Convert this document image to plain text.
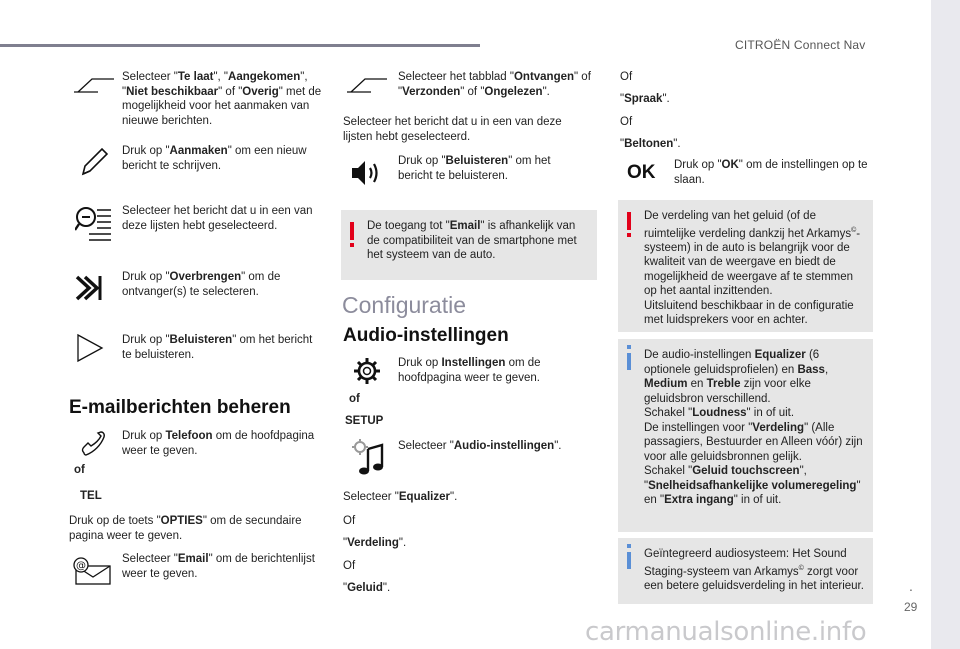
CITROËN Connect Nav
.
29
carmanualsonline.info
Selecteer "Te laat", "Aangekomen", "Niet beschikbaar" of "Overig" met de mogelijkheid voor het aanmaken van nieuwe berichten.
Druk op "Aanmaken" om een nieuw bericht te schrijven.
Selecteer het bericht dat u in een van deze lijsten hebt geselecteerd.
Druk op "Overbrengen" om de ontvanger(s) te selecteren.
Druk op "Beluisteren" om het bericht te beluisteren.
E-mailberichten beheren
of
TEL
Druk op Telefoon om de hoofdpagina weer te geven.
Druk op de toets "OPTIES" om de secundaire pagina weer te geven.
@
Selecteer "Email" om de berichtenlijst weer te geven.
Selecteer het tabblad "Ontvangen" of "Verzonden" of "Ongelezen".
Selecteer het bericht dat u in een van deze lijsten hebt geselecteerd.
Druk op "Beluisteren" om het bericht te beluisteren.
De toegang tot "Email" is afhankelijk van de compatibiliteit van de smartphone met het systeem van de auto.
Configuratie
Audio-instellingen
of
SETUP
Druk op Instellingen om de hoofdpagina weer te geven.
Selecteer "Audio-instellingen".
Selecteer "Equalizer".
Of
"Verdeling".
Of
"Geluid".
Of
"Spraak".
Of
"Beltonen".
OK Druk op "OK" om de instellingen op te slaan.
De verdeling van het geluid (of de ruimtelijke verdeling dankzij het Arkamys©-systeem) in de auto is belangrijk voor de kwaliteit van de weergave en biedt de mogelijkheid de weergave af te stemmen op het aantal inzittenden.
Uitsluitend beschikbaar in de configuratie met luidsprekers voor en achter.
De audio-instellingen Equalizer (6 optionele geluidsprofielen) en Bass, Medium en Treble zijn voor elke geluidsbron verschillend.
Schakel "Loudness" in of uit.
De instellingen voor "Verdeling" (Alle passagiers, Bestuurder en Alleen vóór) zijn voor alle geluidsbronnen gelijk.
Schakel "Geluid touchscreen", "Snelheidsafhankelijke volumeregeling" en "Extra ingang" in of uit.
Geïntegreerd audiosysteem: Het Sound Staging-systeem van Arkamys© zorgt voor een betere geluidsverdeling in het interieur.
